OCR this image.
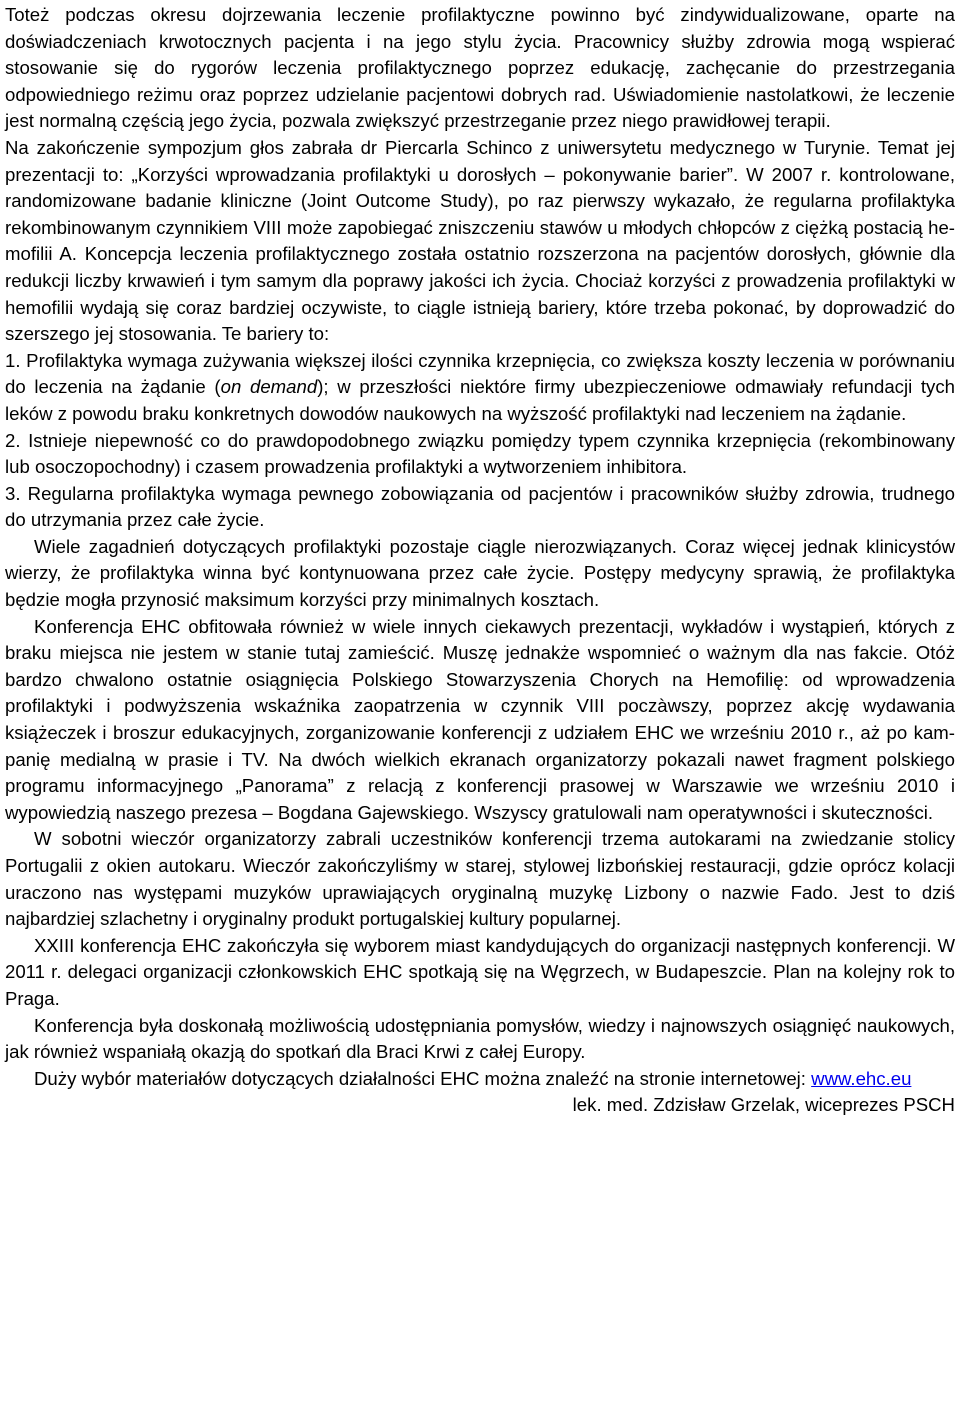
Toteż podczas okresu dojrzewania leczenie profilaktyczne powinno być zindywidualizowane, oparte na doświadczeniach krwotocznych pacjenta i na jego stylu życia. Pracownicy służby zdrowia mogą wspierać stosowanie się do rygorów leczenia profilaktycznego poprzez edukację, zachęcanie do przestrzegania odpowiedniego reżimu oraz poprzez udzielanie pacjentowi dobrych rad. Uświadomienie nastolatkowi, że leczenie jest normalną częścią jego życia, pozwala zwiększyć przestrzeganie przez niego prawidłowej terapii.

Na zakończenie sympozjum głos zabrała dr Piercarla Schinco z uniwersytetu medycznego w Turynie. Temat jej prezentacji to: „Korzyści wprowadzania profilaktyki u dorosłych – pokonywanie barier”. W 2007 r. kontrolowane, randomizowane badanie kliniczne (Joint Outcome Study), po raz pierwszy wykazało, że regularna profilaktyka rekombinowanym czynnikiem VIII może zapobiegać zniszczeniu stawów u młodych chłopców z ciężką postacią hemofilii A. Koncepcja leczenia profilaktycznego została ostatnio rozszerzona na pacjentów dorosłych, głównie dla redukcji liczby krwawień i tym samym dla poprawy jakości ich życia. Chociaż korzyści z prowadzenia profilaktyki w hemofilii wydają się coraz bardziej oczywiste, to ciągle istnieją bariery, które trzeba pokonać, by doprowadzić do szerszego jej stosowania. Te bariery to:

1. Profilaktyka wymaga zużywania większej ilości czynnika krzepnięcia, co zwiększa koszty leczenia w porównaniu do leczenia na żądanie (on demand); w przeszłości niektóre firmy ubezpieczeniowe odmawiały refundacji tych leków z powodu braku konkretnych dowodów naukowych na wyższość profilaktyki nad leczeniem na żądanie.

2. Istnieje niepewność co do prawdopodobnego związku pomiędzy typem czynnika krzepnięcia (rekombinowany lub osoczopochodny) i czasem prowadzenia profilaktyki a wytworzeniem inhibitora.

3. Regularna profilaktyka wymaga pewnego zobowiązania od pacjentów i pracowników służby zdrowia, trudnego do utrzymania przez całe życie.

Wiele zagadnień dotyczących profilaktyki pozostaje ciągle nierozwiązanych. Coraz więcej jednak klinicystów wierzy, że profilaktyka winna być kontynuowana przez całe życie. Postępy medycyny sprawią, że profilaktyka będzie mogła przynosić maksimum korzyści przy minimalnych kosztach.

Konferencja EHC obfitowała również w wiele innych ciekawych prezentacji, wykładów i wystąpień, których z braku miejsca nie jestem w stanie tutaj zamieścić. Muszę jednakże wspomnieć o ważnym dla nas fakcie. Otóż bardzo chwalono ostatnie osiągnięcia Polskiego Stowarzyszenia Chorych na Hemofilię: od wprowadzenia profilaktyki i podwyższenia wskaźnika zaopatrzenia w czynnik VIII poczàwszy, poprzez akcję wydawania książeczek i broszur edukacyjnych, zorganizowanie konferencji z udziałem EHC we wrześniu 2010 r., aż po kampanię medialną w prasie i TV. Na dwóch wielkich ekranach organizatorzy pokazali nawet fragment polskiego programu informacyjnego „Panorama” z relacją z konferencji prasowej w Warszawie we wrześniu 2010 i wypowiedzią naszego prezesa – Bogdana Gajewskiego. Wszyscy gratulowali nam operatywności i skuteczności.

W sobotni wieczór organizatorzy zabrali uczestników konferencji trzema autokarami na zwiedzanie stolicy Portugalii z okien autokaru. Wieczór zakończyliśmy w starej, stylowej lizbońskiej restauracji, gdzie oprócz kolacji uraczono nas występami muzyków uprawiających oryginalną muzykę Lizbony o nazwie Fado. Jest to dziś najbardziej szlachetny i oryginalny produkt portugalskiej kultury popularnej.

XXIII konferencja EHC zakończyła się wyborem miast kandydujących do organizacji następnych konferencji. W 2011 r. delegaci organizacji członkowskich EHC spotkają się na Węgrzech, w Budapeszcie. Plan na kolejny rok to Praga.

Konferencja była doskonałą możliwością udostępniania pomysłów, wiedzy i najnowszych osiągnięć naukowych, jak również wspaniałą okazją do spotkań dla Braci Krwi z całej Europy.

Duży wybór materiałów dotyczących działalności EHC można znaleźć na stronie internetowej: www.ehc.eu

lek. med. Zdzisław Grzelak, wiceprezes PSCH
